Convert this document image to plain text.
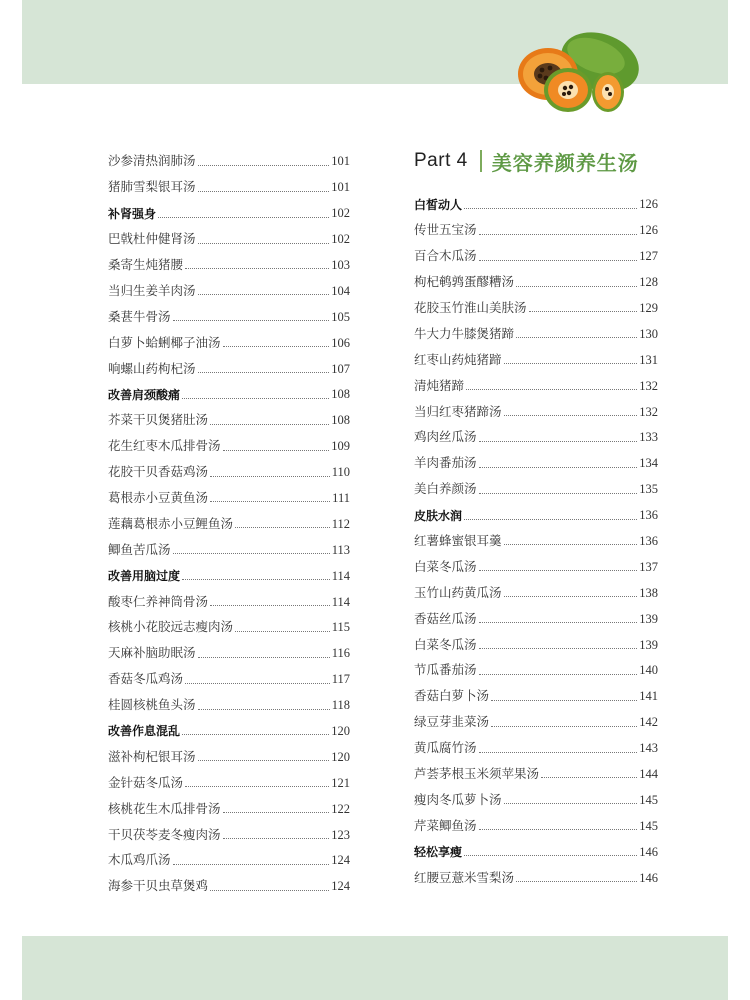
Part 4 美容养颜养生汤
沙参清热润肺汤	101
猪肺雪梨银耳汤	101
补肾强身	102
巴戟杜仲健肾汤	102
桑寄生炖猪腰	103
当归生姜羊肉汤	104
桑葚牛骨汤	105
白萝卜蛤蜊椰子油汤	106
响螺山药枸杞汤	107
改善肩颈酸痛	108
芥菜干贝煲猪肚汤	108
花生红枣木瓜排骨汤	109
花胶干贝香菇鸡汤	110
葛根赤小豆黄鱼汤	111
莲藕葛根赤小豆鲤鱼汤	112
鲫鱼苦瓜汤	113
改善用脑过度	114
酸枣仁养神筒骨汤	114
核桃小花胶远志瘦肉汤	115
天麻补脑助眠汤	116
香菇冬瓜鸡汤	117
桂圆核桃鱼头汤	118
改善作息混乱	120
滋补枸杞银耳汤	120
金针菇冬瓜汤	121
核桃花生木瓜排骨汤	122
干贝茯苓麦冬瘦肉汤	123
木瓜鸡爪汤	124
海参干贝虫草煲鸡	124
白皙动人	126
传世五宝汤	126
百合木瓜汤	127
枸杞鹌鹑蛋醪糟汤	128
花胶玉竹淮山美肤汤	129
牛大力牛膝煲猪蹄	130
红枣山药炖猪蹄	131
清炖猪蹄	132
当归红枣猪蹄汤	132
鸡肉丝瓜汤	133
羊肉番茄汤	134
美白养颜汤	135
皮肤水润	136
红薯蜂蜜银耳羹	136
白菜冬瓜汤	137
玉竹山药黄瓜汤	138
香菇丝瓜汤	139
白菜冬瓜汤	139
节瓜番茄汤	140
香菇白萝卜汤	141
绿豆芽韭菜汤	142
黄瓜腐竹汤	143
芦荟茅根玉米须苹果汤	144
瘦肉冬瓜萝卜汤	145
芹菜鲫鱼汤	145
轻松享瘦	146
红腰豆薏米雪梨汤	146
